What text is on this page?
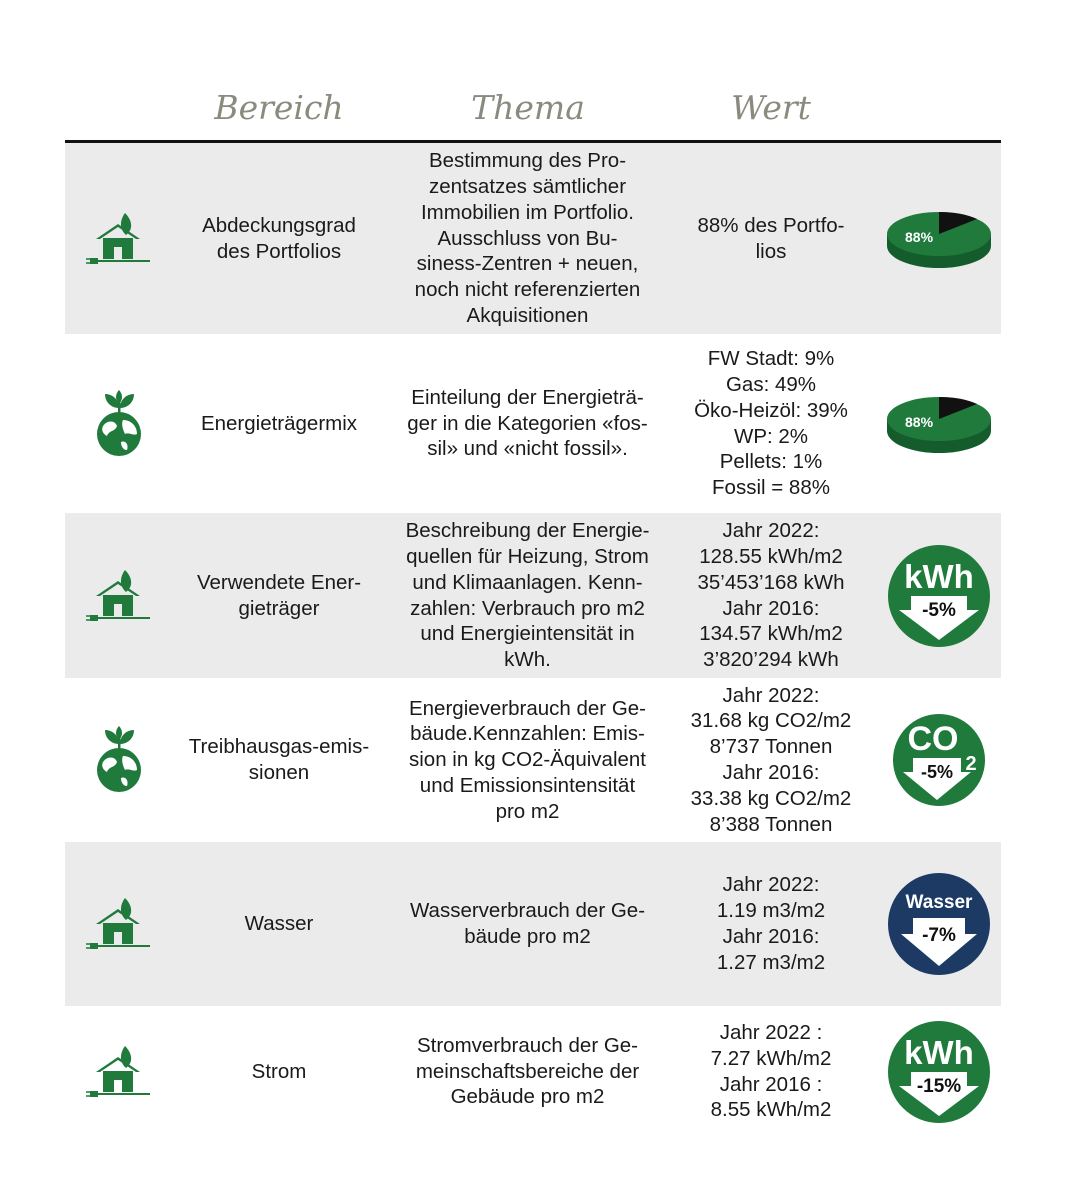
Bereich	Thema	Wert
Abdeckungsgrad
des Portfolios
Bestimmung des Pro-
zentsatzes sämtlicher
Immobilien im Portfolio.
Ausschluss von Bu-
siness-Zentren + neuen,
noch nicht referenzierten
Akquisitionen
88% des Portfo-
lios
88%
Energieträgermix
Einteilung der Energieträ-
ger in die Kategorien «fos-
sil» und «nicht fossil».
FW Stadt: 9%
Gas: 49%
Öko-Heizöl: 39%
WP: 2%
Pellets: 1%
Fossil = 88%
88%
Verwendete Ener-
gieträger
Beschreibung der Energie-
quellen für Heizung, Strom
und Klimaanlagen. Kenn-
zahlen: Verbrauch pro m2
und Energieintensität in
kWh.
Jahr 2022:
128.55 kWh/m2
35’453’168 kWh
Jahr 2016:
134.57 kWh/m2
3’820’294 kWh
kWh
-5%
Treibhausgas-emis-
sionen
Energieverbrauch der Ge-
bäude.Kennzahlen: Emis-
sion in kg CO2-Äquivalent
und Emissionsintensität
pro m2
Jahr 2022:
31.68 kg CO2/m2
8’737 Tonnen
Jahr 2016:
33.38 kg CO2/m2
8’388 Tonnen
CO
2
-5%
Wasser
Wasserverbrauch der Ge-
bäude pro m2
Jahr 2022:
1.19 m3/m2
Jahr 2016:
1.27 m3/m2
Wasser
-7%
Strom
Stromverbrauch der Ge-
meinschaftsbereiche der
Gebäude pro m2
Jahr 2022 :
7.27 kWh/m2
Jahr 2016 :
8.55 kWh/m2
kWh
-15%
